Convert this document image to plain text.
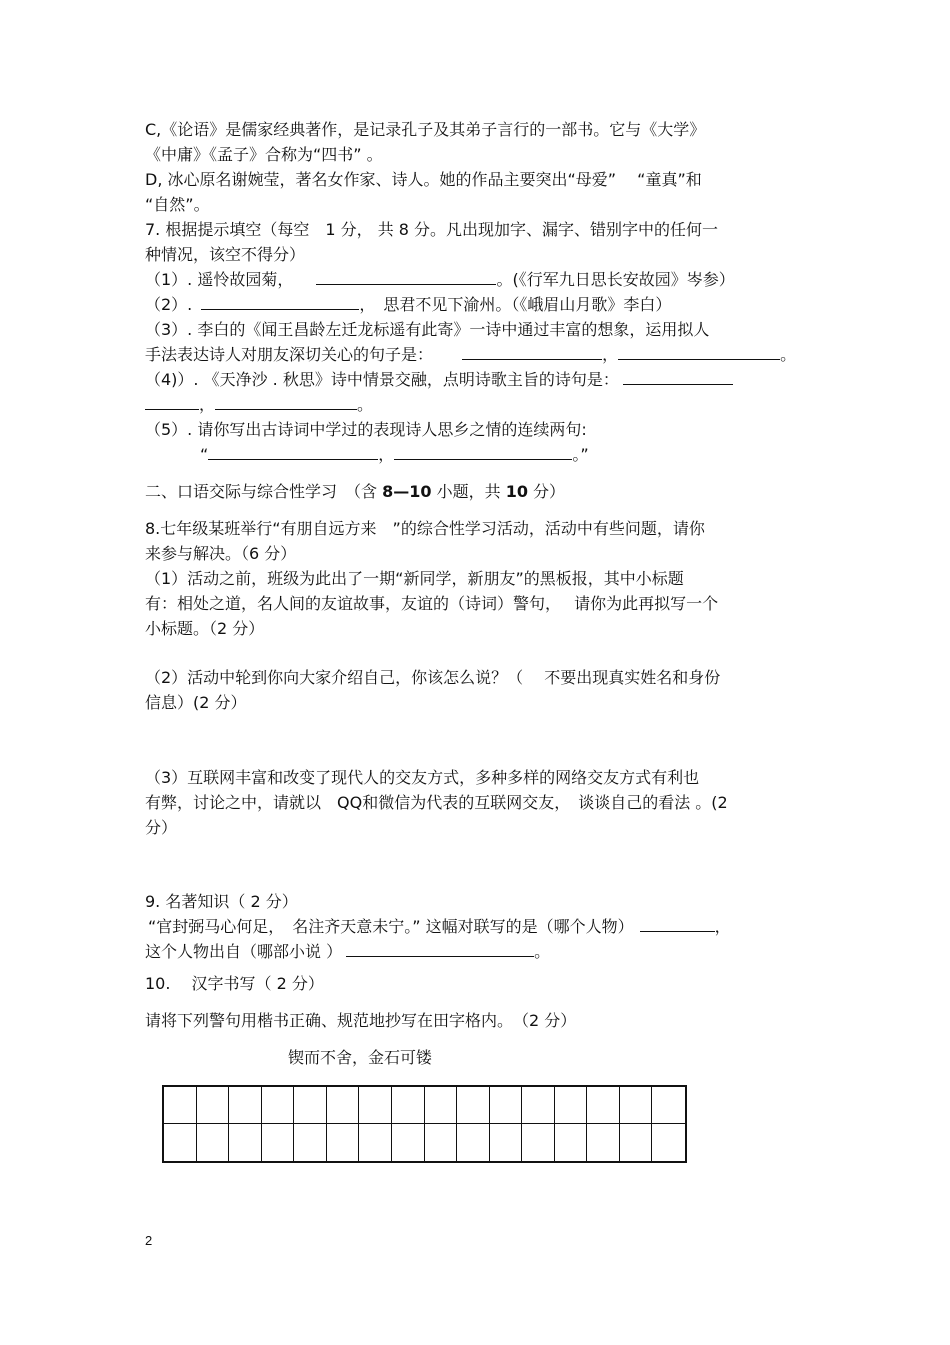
C,《论语》是儒家经典著作，是记录孔子及其弟子言行的一部书。它与《大学》
《中庸》《孟子》合称为“四书” 。
D, 冰心原名谢婉莹，著名女作家、诗人。她的作品主要突出“母爱”　 “童真”和
“自然”。
7. 根据提示填空（每空　1 分， 共 8 分。凡出现加字、漏字、错别字中的任何一
种情况，该空不得分）
（1）. 遥怜故园菊，	。(《行军九日思长安故园》岑参）
（2）.	，　思君不见下渝州。（《峨眉山月歌》李白）
（3）. 李白的《闻王昌龄左迁龙标遥有此寄》一诗中通过丰富的想象，运用拟人
手法表达诗人对朋友深切关心的句子是：	，	。
（4)）. 《天净沙 . 秋思》诗中情景交融，点明诗歌主旨的诗句是：
，	。
（5）. 请你写出古诗词中学过的表现诗人思乡之情的连续两句:
“	，	。”
二、口语交际与综合性学习　（含 8—10 小题，共 10 分）
8.七年级某班举行“有朋自远方来　”的综合性学习活动，活动中有些问题，请你
来参与解决。（6 分）
（1）活动之前，班级为此出了一期“新同学，新朋友”的黑板报，其中小标题
有：相处之道，名人间的友谊故事，友谊的（诗词）警句，　 请你为此再拟写一个
小标题。（2 分）
（2）活动中轮到你向大家介绍自己，你该怎么说？（　 不要出现真实姓名和身份
信息）(2 分）
（3）互联网丰富和改变了现代人的交友方式，多种多样的网络交友方式有利也
有弊，讨论之中，请就以　QQ和微信为代表的互联网交友，　谈谈自己的看法 。(2
分）
9. 名著知识（ 2 分）
“官封弼马心何足，　名注齐天意未宁。” 这幅对联写的是（哪个人物）	，
这个人物出自（哪部小说 ）	。
10.　 汉字书写（ 2 分）
请将下列警句用楷书正确、规范地抄写在田字格内。　（2 分）
锲而不舍，金石可镂
2
